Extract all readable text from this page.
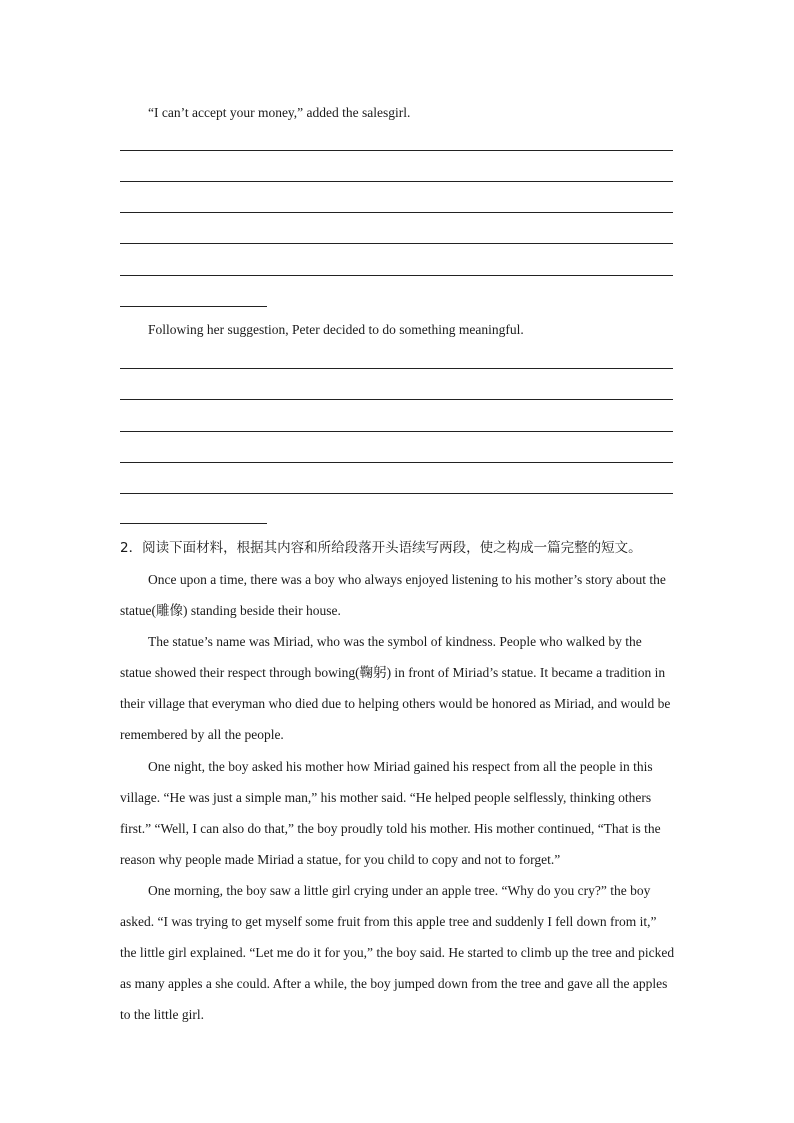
“I can’t accept your money,” added the salesgirl.

Following her suggestion, Peter decided to do something meaningful.

2．阅读下面材料，根据其内容和所给段落开头语续写两段，使之构成一篇完整的短文。

Once upon a time, there was a boy who always enjoyed listening to his mother’s story about the statue(雕像) standing beside their house.

The statue’s name was Miriad, who was the symbol of kindness. People who walked by the statue showed their respect through bowing(鞠躬) in front of Miriad’s statue. It became a tradition in their village that everyman who died due to helping others would be honored as Miriad, and would be remembered by all the people.

One night, the boy asked his mother how Miriad gained his respect from all the people in this village. “He was just a simple man,” his mother said. “He helped people selflessly, thinking others first.” “Well, I can also do that,” the boy proudly told his mother. His mother continued, “That is the reason why people made Miriad a statue, for you child to copy and not to forget.”

One morning, the boy saw a little girl crying under an apple tree. “Why do you cry?” the boy asked. “I was trying to get myself some fruit from this apple tree and suddenly I fell down from it,” the little girl explained. “Let me do it for you,” the boy said. He started to climb up the tree and picked as many apples a she could. After a while, the boy jumped down from the tree and gave all the apples to the little girl.
